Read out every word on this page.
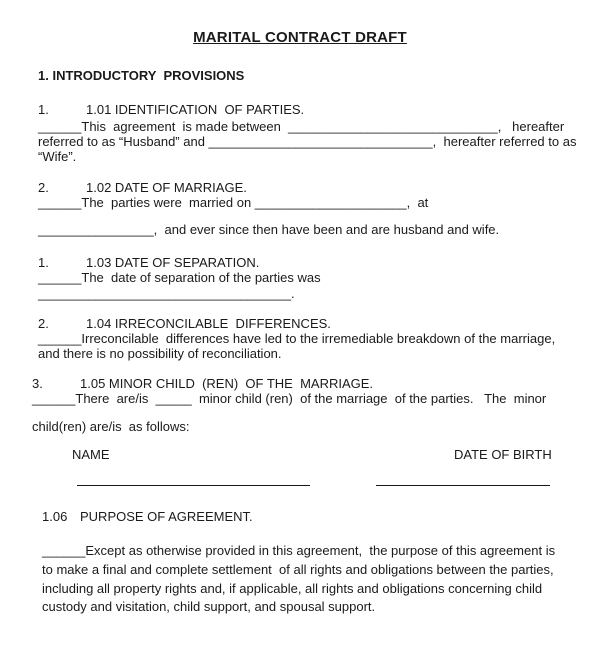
MARITAL CONTRACT DRAFT
1. INTRODUCTORY  PROVISIONS
1.	1.01 IDENTIFICATION  OF PARTIES.
______This  agreement  is made between  _____________________________,   hereafter
referred to as “Husband” and _______________________________,  hereafter referred to as
“Wife”.
2.	1.02 DATE OF MARRIAGE.
______The  parties were  married on _____________________,  at
________________,  and ever since then have been and are husband and wife.
1.	1.03 DATE OF SEPARATION.
______The  date of separation of the parties was
___________________________________.
2.	1.04 IRRECONCILABLE  DIFFERENCES.
______Irreconcilable  differences have led to the irremediable breakdown of the marriage,
and there is no possibility of reconciliation.
3.	1.05 MINOR CHILD  (REN)  OF THE  MARRIAGE.
______There  are/is  _____  minor child (ren)  of the marriage  of the parties.   The  minor
child(ren) are/is  as follows:
NAME	DATE OF BIRTH
1.06 PURPOSE OF AGREEMENT.
______Except as otherwise provided in this agreement,  the purpose of this agreement is
to make a final and complete settlement  of all rights and obligations between the parties,
including all property rights and, if applicable, all rights and obligations concerning child
custody and visitation, child support, and spousal support.
